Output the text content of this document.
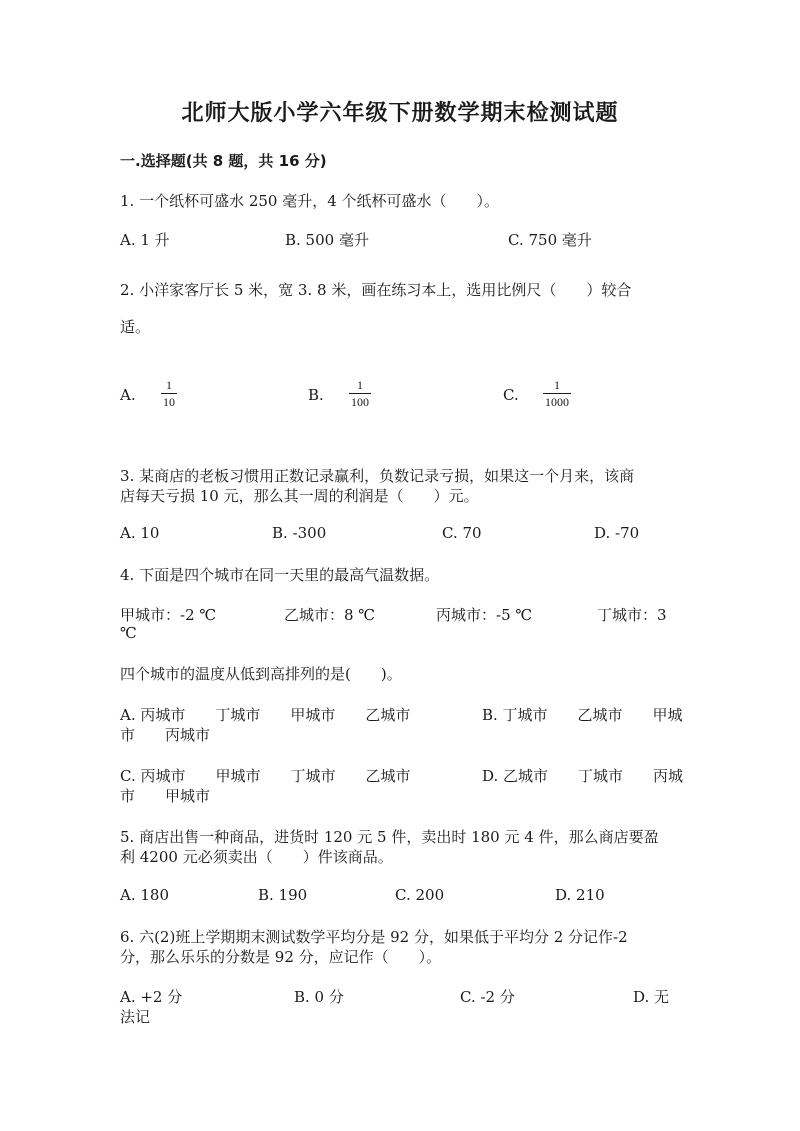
北师大版小学六年级下册数学期末检测试题
一.选择题(共 8 题，共 16 分)
1. 一个纸杯可盛水 250 毫升，4 个纸杯可盛水（　　）。
A. 1 升	B. 500 毫升	C. 750 毫升
2. 小洋家客厅长 5 米，宽 3. 8 米，画在练习本上，选用比例尺（　　）较合
适。
A.
1
10	B.
1
100	C.
1
1000
3. 某商店的老板习惯用正数记录赢利，负数记录亏损，如果这一个月来，该商
店每天亏损 10 元，那么其一周的利润是（　　）元。
A. 10	B. -300	C. 70	D. -70
4. 下面是四个城市在同一天里的最高气温数据。
甲城市：-2 ℃	乙城市：8 ℃	丙城市：-5 ℃	丁城市：3
℃
四个城市的温度从低到高排列的是(　　)。
A. 丙城市　　丁城市　　甲城市　　乙城市	B. 丁城市　　乙城市　　甲城
市　　丙城市
C. 丙城市　　甲城市　　丁城市　　乙城市	D. 乙城市　　丁城市　　丙城
市　　甲城市
5. 商店出售一种商品，进货时 120 元 5 件，卖出时 180 元 4 件，那么商店要盈
利 4200 元必须卖出（　　）件该商品。
A. 180	B. 190	C. 200	D. 210
6. 六(2)班上学期期末测试数学平均分是 92 分，如果低于平均分 2 分记作-2
分，那么乐乐的分数是 92 分，应记作（　　）。
A. +2 分	B. 0 分	C. -2 分	D. 无
法记
